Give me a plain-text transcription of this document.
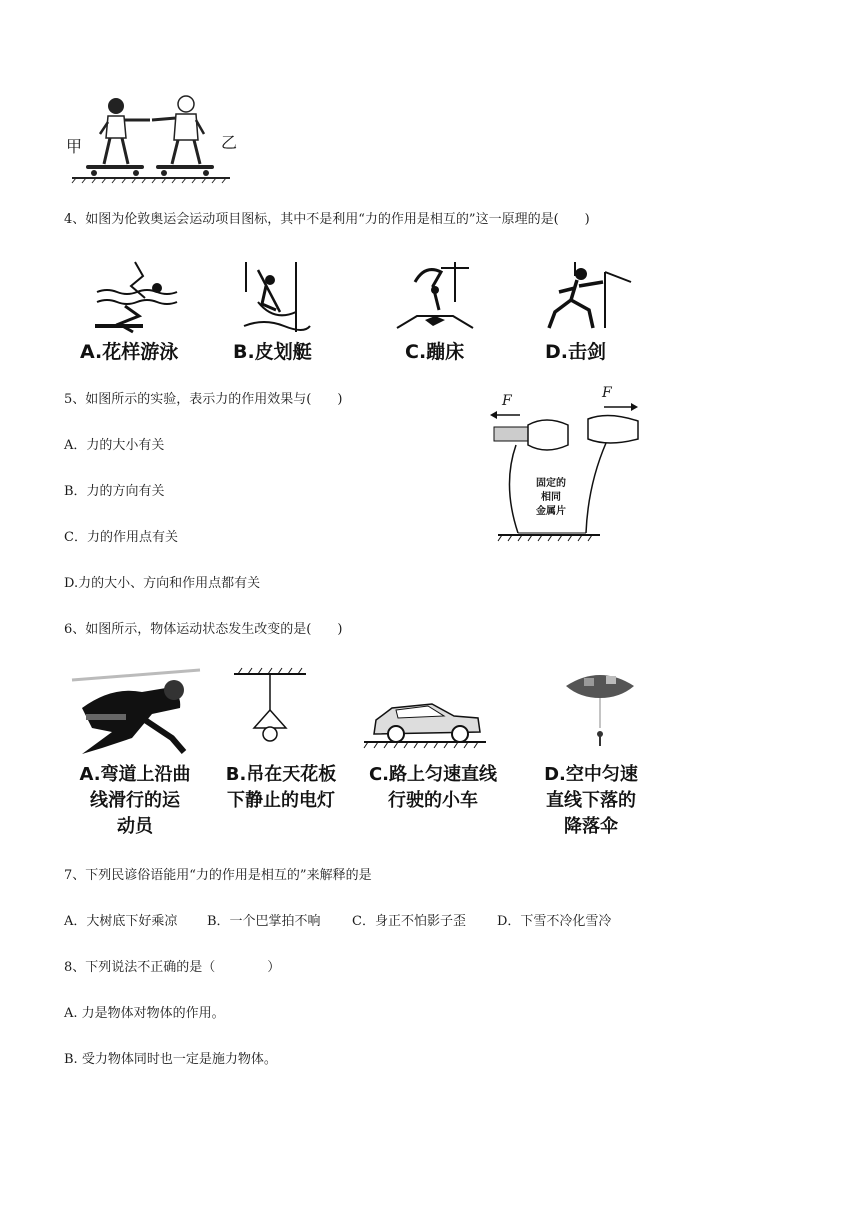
甲	乙
4、如图为伦敦奥运会运动项目图标，其中不是利用“力的作用是相互的”这一原理的是(　　)
A.花样游泳	B.皮划艇	C.蹦床	D.击剑
5、如图所示的实验，表示力的作用效果与(　　)
A．力的大小有关
B．力的方向有关
C．力的作用点有关
D.力的大小、方向和作用点都有关
F	F
固定的
相同
金属片
6、如图所示，物体运动状态发生改变的是(　　)
A.弯道上沿曲
线滑行的运
动员
B.吊在天花板
下静止的电灯
C.路上匀速直线
行驶的小车
D.空中匀速
直线下落的
降落伞
7、下列民谚俗语能用“力的作用是相互的”来解释的是
A．大树底下好乘凉 B．一个巴掌拍不响 C．身正不怕影子歪 D．下雪不冷化雪冷
8、下列说法不正确的是（　　　　）
A. 力是物体对物体的作用。
B. 受力物体同时也一定是施力物体。
